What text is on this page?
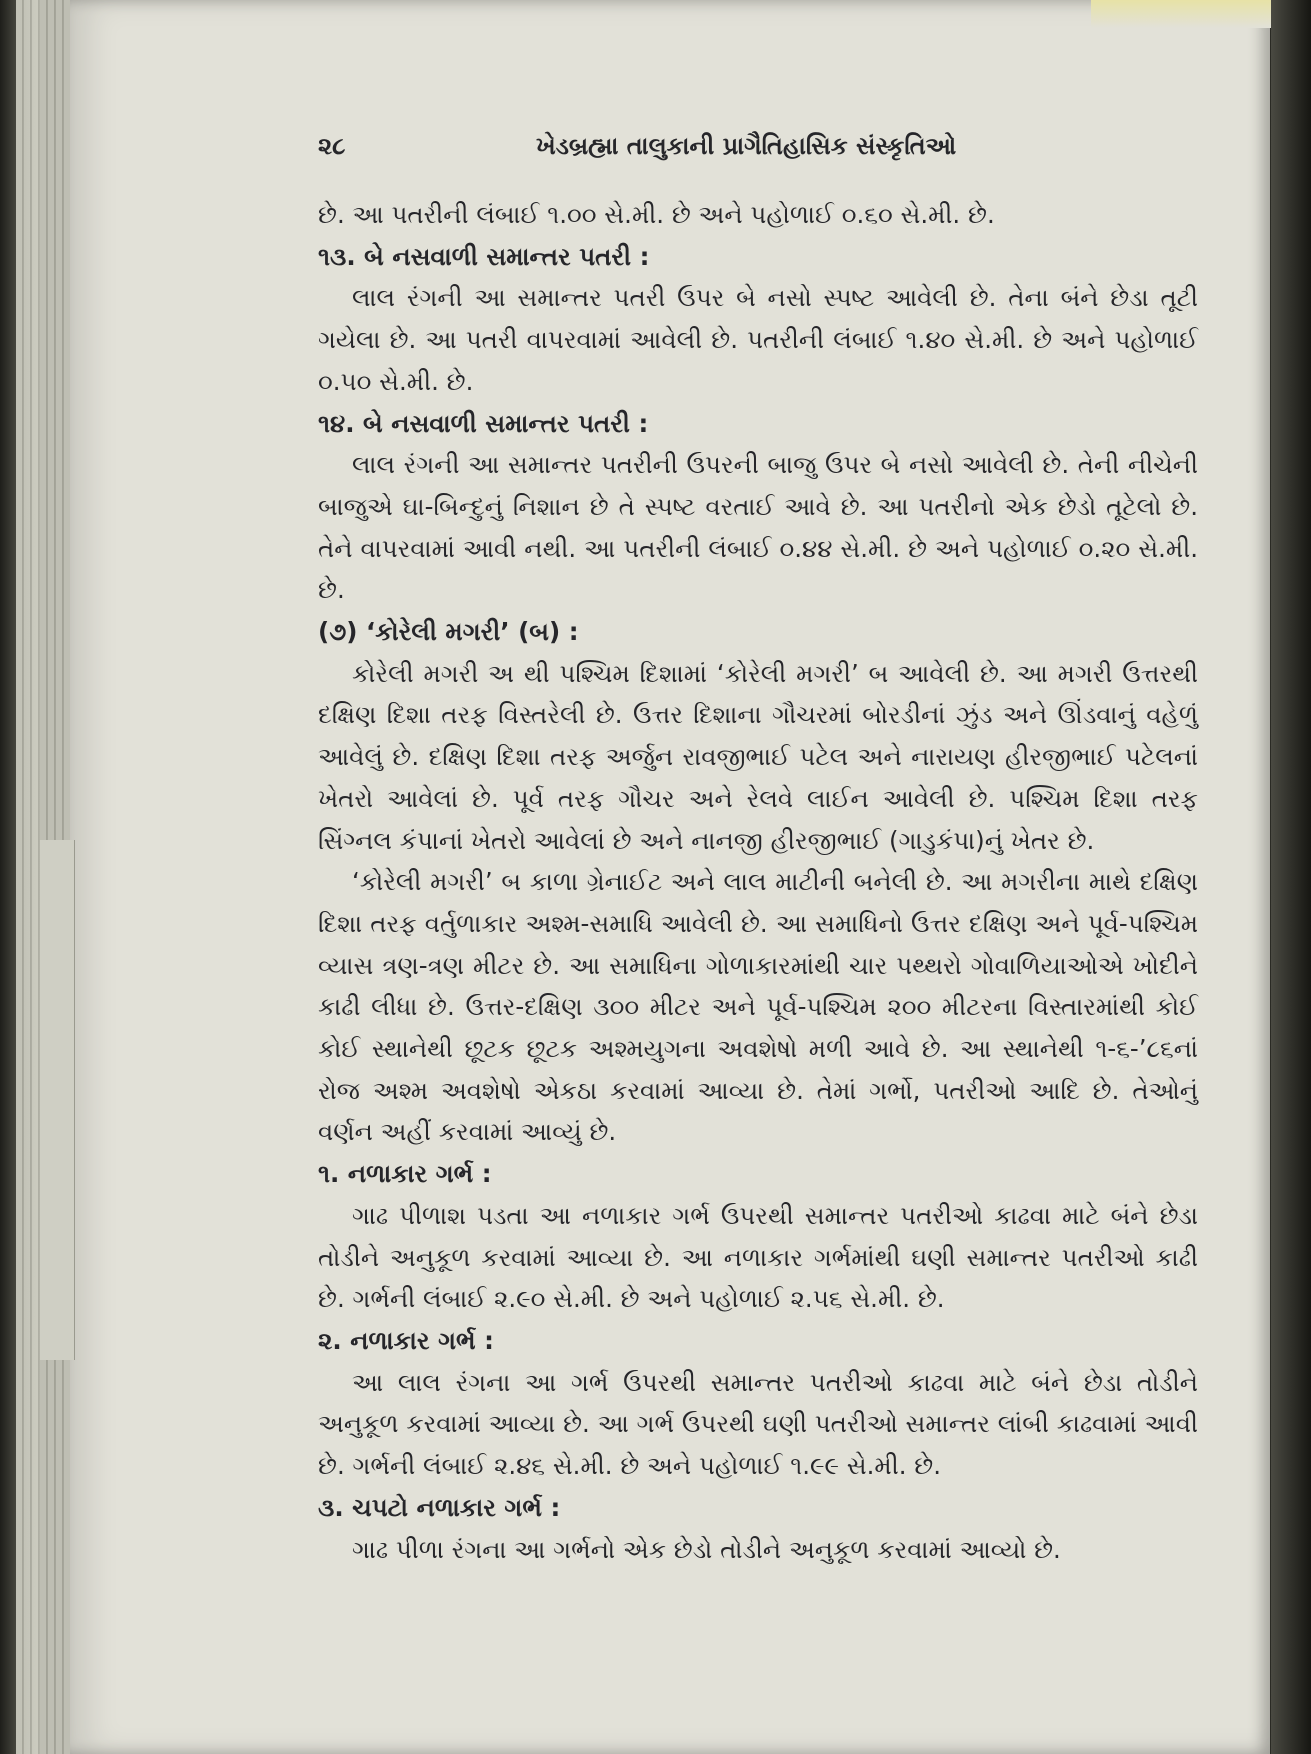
૨૮	ખેડબ્રહ્મા તાલુકાની પ્રાગૈતિહાસિક સંસ્કૃતિઓ

છે. આ પતરીની લંબાઈ ૧.૦૦ સે.મી. છે અને પહોળાઈ ૦.૬૦ સે.મી. છે.

૧૩. બે નસવાળી સમાન્તર પતરી :

લાલ રંગની આ સમાન્તર પતરી ઉપર બે નસો સ્પષ્ટ આવેલી છે. તેના બંને છેડા તૂટી ગયેલા છે. આ પતરી વાપરવામાં આવેલી છે. પતરીની લંબાઈ ૧.૪૦ સે.મી. છે અને પહોળાઈ ૦.૫૦ સે.મી. છે.

૧૪. બે નસવાળી સમાન્તર પતરી :

લાલ રંગની આ સમાન્તર પતરીની ઉપરની બાજુ ઉપર બે નસો આવેલી છે. તેની નીચેની બાજુએ ઘા-બિન્દુનું નિશાન છે તે સ્પષ્ટ વરતાઈ આવે છે. આ પતરીનો એક છેડો તૂટેલો છે. તેને વાપરવામાં આવી નથી. આ પતરીની લંબાઈ ૦.૪૪ સે.મી. છે અને પહોળાઈ ૦.૨૦ સે.મી. છે.

(૭) ‘કોરેલી મગરી’ (બ) :

કોરેલી મગરી અ થી પશ્ચિમ દિશામાં ‘કોરેલી મગરી’ બ આવેલી છે. આ મગરી ઉત્તરથી દક્ષિણ દિશા તરફ વિસ્તરેલી છે. ઉત્તર દિશાના ગૌચરમાં બોરડીનાં ઝુંડ અને ઊંડવાનું વહેળું આવેલું છે. દક્ષિણ દિશા તરફ અર્જુન રાવજીભાઈ પટેલ અને નારાયણ હીરજીભાઈ પટેલનાં ખેતરો આવેલાં છે. પૂર્વ તરફ ગૌચર અને રેલવે લાઈન આવેલી છે. પશ્ચિમ દિશા તરફ સિંગ્નલ કંપાનાં ખેતરો આવેલાં છે અને નાનજી હીરજીભાઈ (ગાડુકંપા)નું ખેતર છે.

‘કોરેલી મગરી’ બ કાળા ગ્રેનાઈટ અને લાલ માટીની બનેલી છે. આ મગરીના માથે દક્ષિણ દિશા તરફ વર્તુળાકાર અશ્મ-સમાધિ આવેલી છે. આ સમાધિનો ઉત્તર દક્ષિણ અને પૂર્વ-પશ્ચિમ વ્યાસ ત્રણ-ત્રણ મીટર છે. આ સમાધિના ગોળાકારમાંથી ચાર પથ્થરો ગોવાળિયાઓએ ખોદીને કાઢી લીધા છે. ઉત્તર-દક્ષિણ ૩૦૦ મીટર અને પૂર્વ-પશ્ચિમ ૨૦૦ મીટરના વિસ્તારમાંથી કોઈ કોઈ સ્થાનેથી છૂટક છૂટક અશ્મયુગના અવશેષો મળી આવે છે. આ સ્થાનેથી ૧-૬-’૮૬નાં રોજ અશ્મ અવશેષો એકઠા કરવામાં આવ્યા છે. તેમાં ગર્ભો, પતરીઓ આદિ છે. તેઓનું વર્ણન અહીં કરવામાં આવ્યું છે.

૧. નળાકાર ગર્ભ :

ગાઢ પીળાશ પડતા આ નળાકાર ગર્ભ ઉપરથી સમાન્તર પતરીઓ કાઢવા માટે બંને છેડા તોડીને અનુકૂળ કરવામાં આવ્યા છે. આ નળાકાર ગર્ભમાંથી ઘણી સમાન્તર પતરીઓ કાઢી છે. ગર્ભની લંબાઈ ૨.૯૦ સે.મી. છે અને પહોળાઈ ૨.૫૬ સે.મી. છે.

૨. નળાકાર ગર્ભ :

આ લાલ રંગના આ ગર્ભ ઉપરથી સમાન્તર પતરીઓ કાઢવા માટે બંને છેડા તોડીને અનુકૂળ કરવામાં આવ્યા છે. આ ગર્ભ ઉપરથી ઘણી પતરીઓ સમાન્તર લાંબી કાઢવામાં આવી છે. ગર્ભની લંબાઈ ૨.૪૬ સે.મી. છે અને પહોળાઈ ૧.૯૯ સે.મી. છે.

૩. ચપટો નળાકાર ગર્ભ :

ગાઢ પીળા રંગના આ ગર્ભનો એક છેડો તોડીને અનુકૂળ કરવામાં આવ્યો છે.
